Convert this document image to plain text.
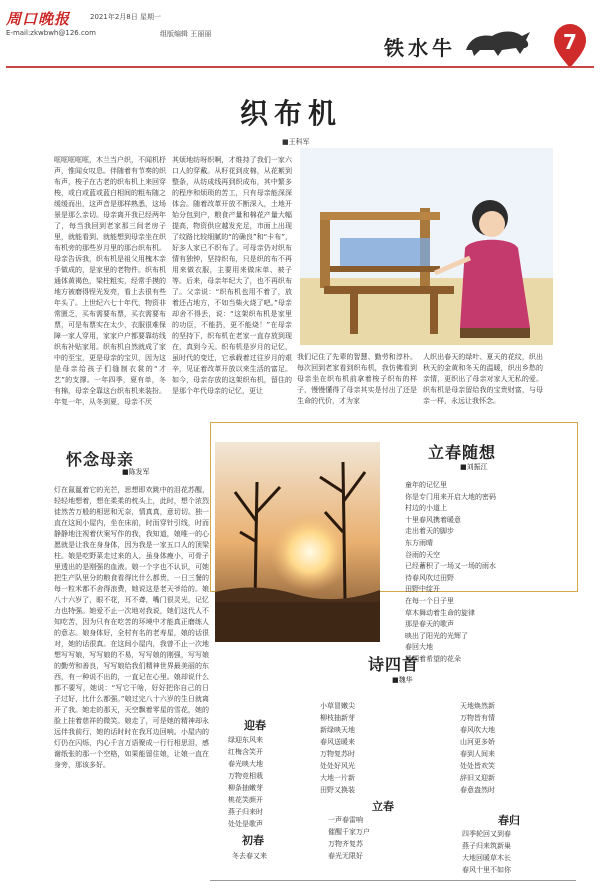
周口晚报
E-mail:zkwbwh@126.com
2021年2月8日 星期一
组版编辑 王丽丽
铁水牛	7
织布机
■王科军
哐哐哐哐哐，木兰当户织，不闻机杼声，惟闻女叹息。伴随着有节奏的织布声，梭子在古老的织布机上来回穿梭，或白或蓝或蓝白相间的粗布随之缓缓而出，这声音是那样熟悉，这场景是那么亲切。母亲离开我已经两年了，每当我回到老家那三间老房子里，就能看到、就能想到母亲坐在织布机旁的那些岁月里的那台织布机。母亲告诉我，织布机是祖父用槐木亲手做成的，是家里的老物件。织布机通体黄褐色，梁柱粗实，经常手摸的地方被磨得锃光发亮，看上去很有些年头了。上世纪六七十年代，物资非常匮乏，买布需要布票，买衣需要布票，可是布票实在太少，衣服很难保障一家人穿用，家家户户都要靠纺线织布补贴家用。织布机自然就成了家中的至宝，更是母亲的宝贝，因为这是母亲给孩子们缝制衣裳的“才艺”的支撑。一年四季，夏有单，冬有棉，母亲全靠这台织布机来装扮。年复一年，从冬到夏，母亲不厌
其烦地纺呀织啊，才维持了我们一家六口人的穿戴。从籽花到皮棉，从花絮到整条，从纺成线再到织成布，其中繁多的程序和烦琐的苦工，只有母亲能深深体会。随着改革开放不断深入，土地开始分包到户，粮食产量和棉花产量大幅提高，物资供应越发充足，市面上出现了纹路比较细腻的“的确良”和“卡布”，好多人家已不织布了。可母亲仍对织布情有独钟，坚持织布，只是织的布不再用来做衣服，主要用来做床单、被子等。后来，母亲年纪大了，也不再织布了。父亲说：“织布机也用不着了，放着还占地方，不如当柴火烧了吧。”母亲却舍不得丢，说：“这架织布机是家里的功臣，不能扔，更不能烧！”在母亲的坚持下，织布机在老家一直存放到现在，真到今天。织布机是岁月的记忆，虽时代的变迁，它承载着过往岁月的艰辛，见证着改革开放以来生活的富足。如今，母亲存放的这架织布机，留住的是那个年代母亲的记忆，更让
我们记住了先辈的智慧、勤劳和淳朴。每次回到老家看到织布机，我仿佛看到母亲坐在织布机前拿着梭子织布的样子，慢慢懂得了母亲其实是付出了还是生命的代价，才为家
人织出春天的绿叶、夏天的花纹，织出秋天的金黄和冬天的温暖，织出乡愁的亲情，更织出了母亲对家人无私的爱。织布机是母亲留给我的宝贵财富，与母亲一样，永远让我怀念。
怀念母亲
■陈发军
灯在氤氲着它的光芒，思想即欢跳中的泪花苏醒，轻轻地想着，想在柔柔的枕头上，此时，想个浓烈徒然苦万般的相思和无奈，情真真，意切切。独一直在这间小屋内，坐在床前，时而穿针引线，时而静静地注视着伏案写作的我，我知道，娘唯一的心愿就是让我在身身体，因为我是一家五口人的顶梁柱。娘是吃野菜走过来的人，虽身体瘦小，可骨子里透出的是刚强的血液。娘一个字也不认识，可她把生产队里分的粮食看得比什么都贵，一日三餐的每一粒米都不舍得浪费，她说这是老天爷给的。娘八十六岁了，眼不花，耳不聋，嘴门很灵光，记忆力也特强。她爱不止一次地对我说，她们这代人不知吃苦，因为只有在吃苦的环境中才能真正磨练人的意志。娘身体好，全村有名的老寿星，娘的话很对，她的话很真。在这间小屋内，我曾不止一次地想写写娘，写写娘的不易，写写娘的刚强，写写娘的勤劳和善良，写写娘给我们精神世界最美丽的东西，有一种说不出的，一直记在心里。娘却说什么都不要写，她说：“写它干啥，好好把你自己的日子过好，比什么都强。”娘过完八十六岁的生日就离开了我。她走的那天，天空飘着零星的雪花，她的脸上挂着慈祥的微笑。娘走了，可是她的精神却永远伴我前行，她的话时时在我耳边回响。小屋内的灯仍在闪烁，内心千言万语聚成一行行相思泪，感谢纸张的那一个空格，如果能留住娘，让娘一直在身旁，那该多好。
立春随想
■刘振江
童年的记忆里
你是专门用来开启大地的密码
村边的小道上
十里春风携着暖意
走出着天的脚步
东方雨晴
谷雨的天空
已经蓄积了一场又一场的雨水
待春风吹过田野
田野中绽开
在每一个日子里
草木舞动着生命的旋律
那是春天的歌声
映出了阳光的光辉了
春回大地
播洒着希望的花朵
诗四首
■魏华
迎春
绿迎东风来
红梅含笑开
春光映大地
万物竞相栽
柳条抽嫩芽
桃花笑颜开
燕子归来时
处处是歌声
初春
冬去春又来
小草冒嫩尖
柳枝抽新芽
新绿映天地
春风送暖来
万物复苏时
处处好风光
大地一片新
田野又换装
立春
一声春雷响
催醒千家万户
万物齐复苏
春光无限好
天地焕然新
万物皆有情
春风吹大地
山河更多娇
春到人间来
处处皆欢笑
辞旧又迎新
春意盎然时
春归
四季轮回又到春
燕子归来筑新巢
大地回暖草木长
春风十里不如你
